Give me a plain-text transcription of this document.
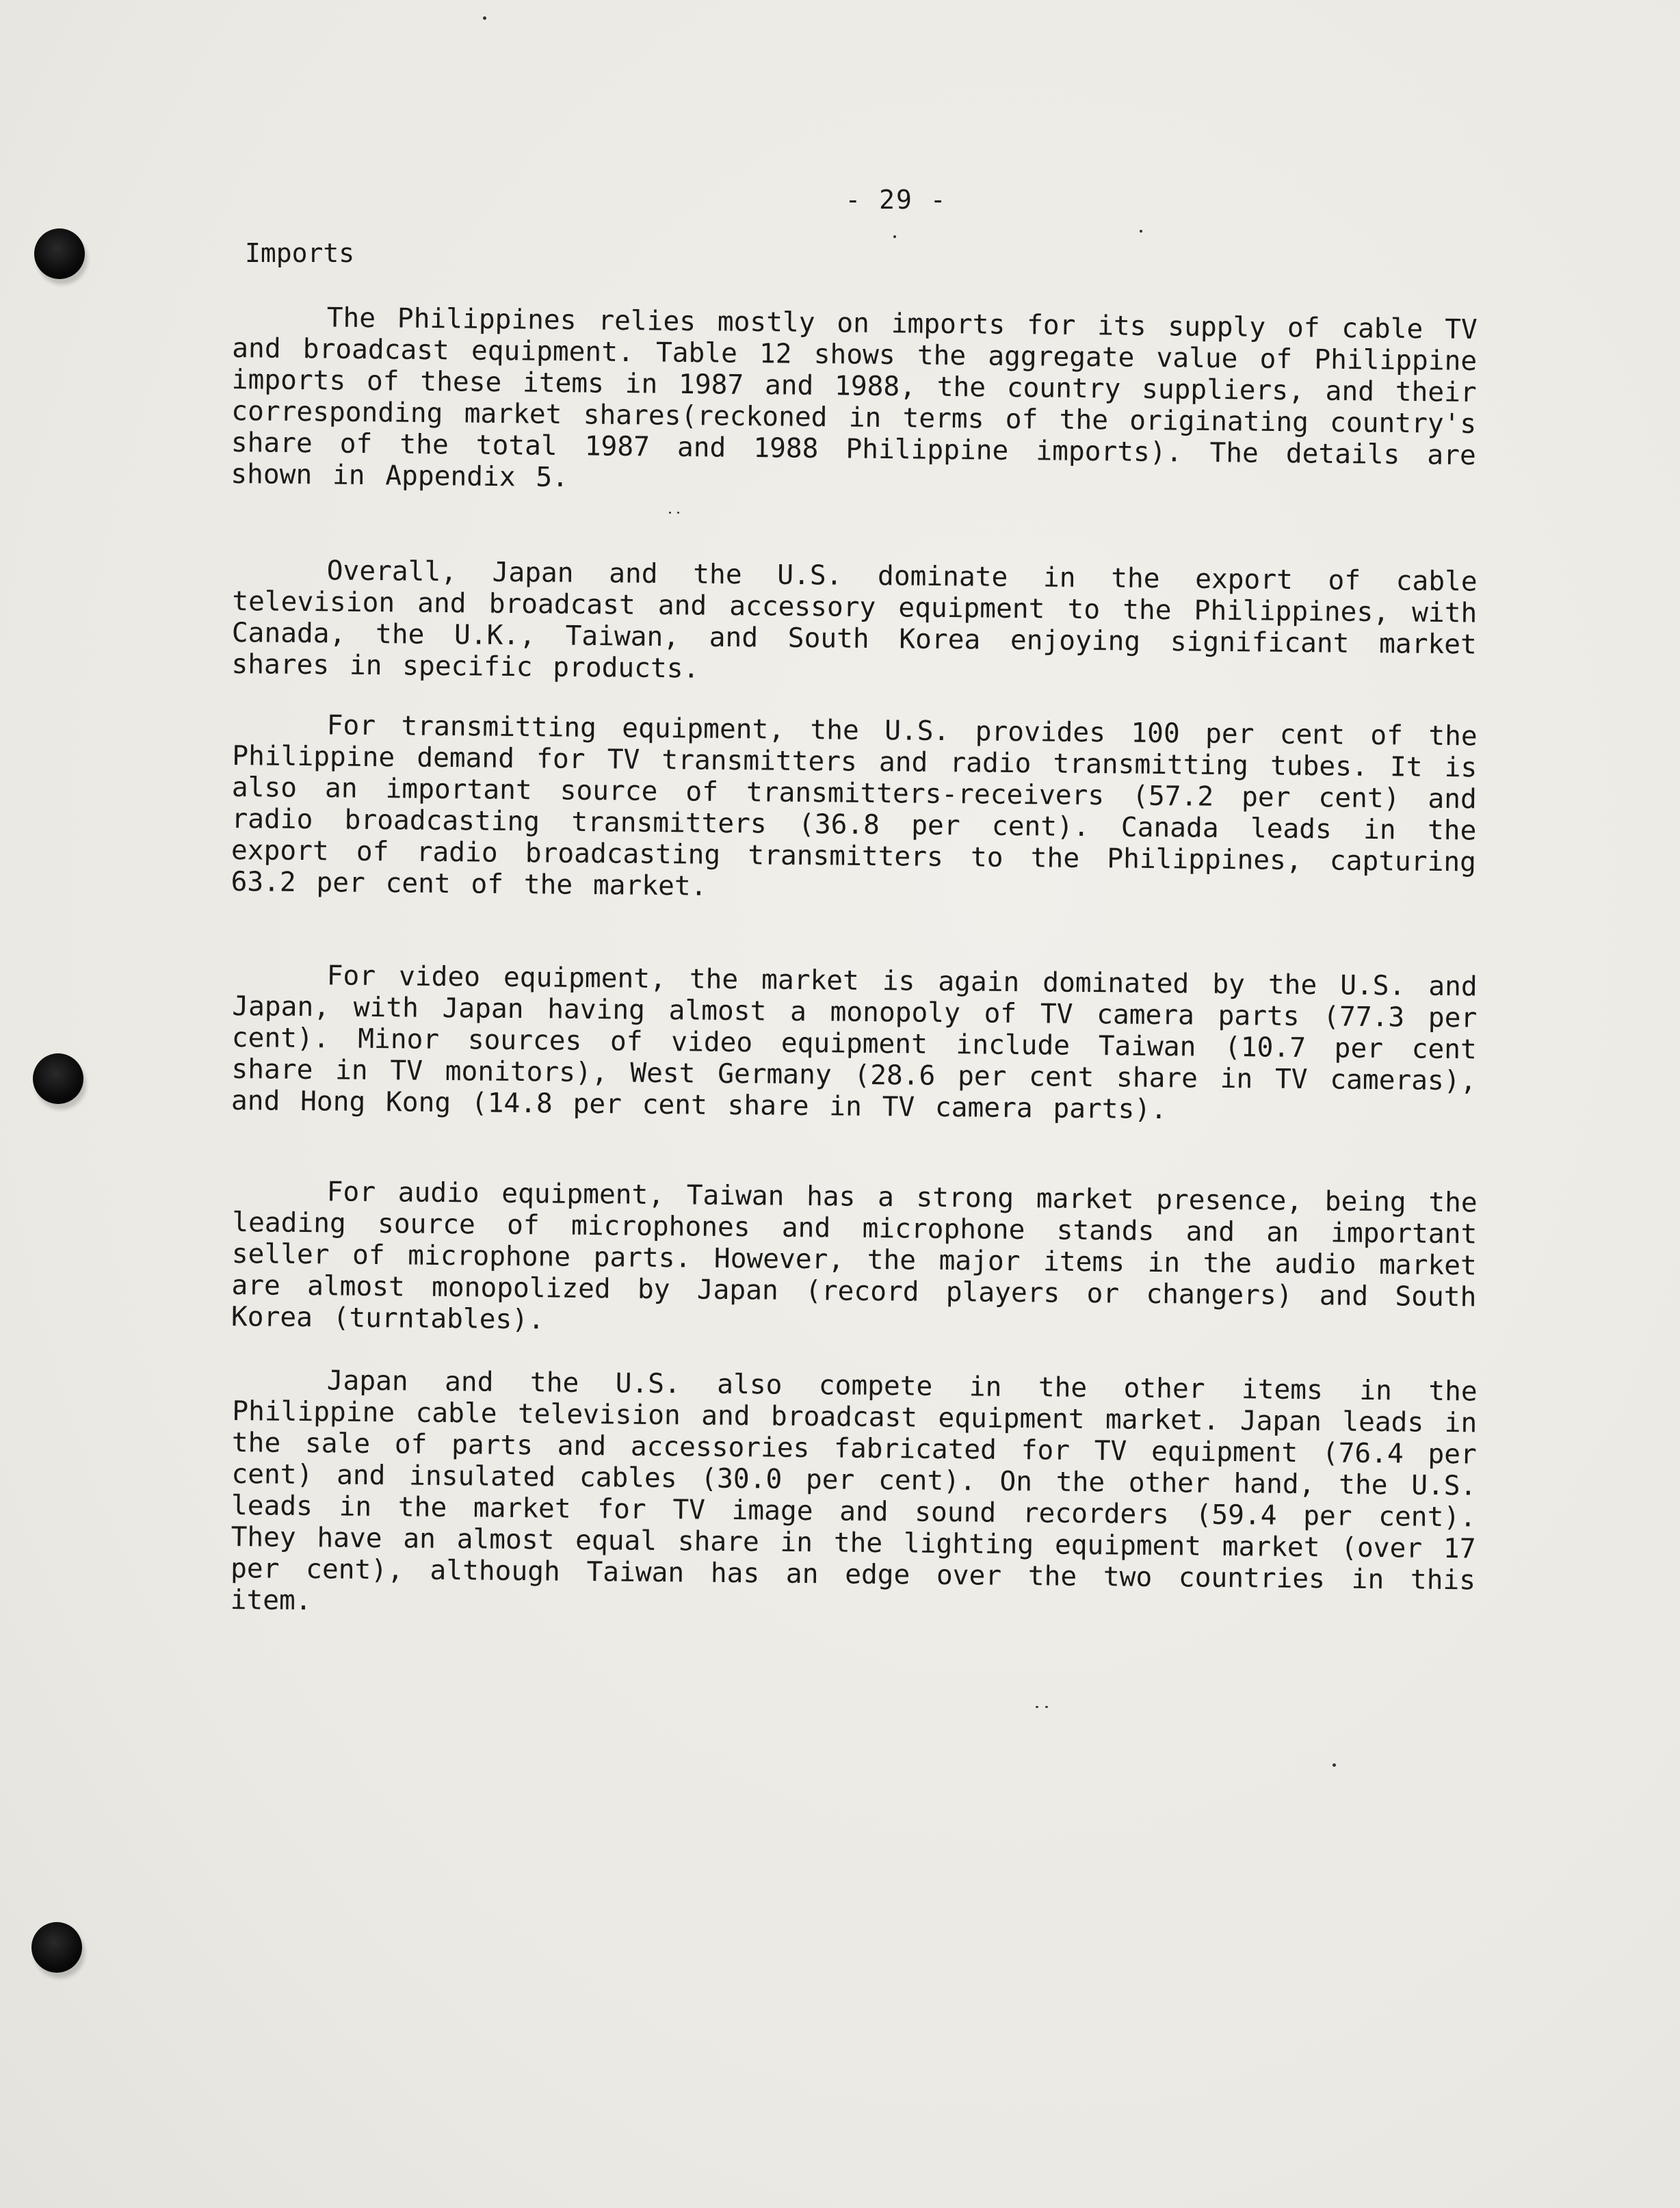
- 29 -
Imports

The Philippines relies mostly on imports for its supply of cable TV and broadcast equipment. Table 12 shows the aggregate value of Philippine imports of these items in 1987 and 1988, the country suppliers, and their corresponding market shares(reckoned in terms of the originating country's share of the total 1987 and 1988 Philippine imports). The details are shown in Appendix 5.

Overall, Japan and the U.S. dominate in the export of cable television and broadcast and accessory equipment to the Philippines, with Canada, the U.K., Taiwan, and South Korea enjoying significant market shares in specific products.

For transmitting equipment, the U.S. provides 100 per cent of the Philippine demand for TV transmitters and radio transmitting tubes. It is also an important source of transmitters-receivers (57.2 per cent) and radio broadcasting transmitters (36.8 per cent). Canada leads in the export of radio broadcasting transmitters to the Philippines, capturing 63.2 per cent of the market.

For video equipment, the market is again dominated by the U.S. and Japan, with Japan having almost a monopoly of TV camera parts (77.3 per cent). Minor sources of video equipment include Taiwan (10.7 per cent share in TV monitors), West Germany (28.6 per cent share in TV cameras), and Hong Kong (14.8 per cent share in TV camera parts).

For audio equipment, Taiwan has a strong market presence, being the leading source of microphones and microphone stands and an important seller of microphone parts. However, the major items in the audio market are almost monopolized by Japan (record players or changers) and South Korea (turntables).

Japan and the U.S. also compete in the other items in the Philippine cable television and broadcast equipment market. Japan leads in the sale of parts and accessories fabricated for TV equipment (76.4 per cent) and insulated cables (30.0 per cent). On the other hand, the U.S. leads in the market for TV image and sound recorders (59.4 per cent). They have an almost equal share in the lighting equipment market (over 17 per cent), although Taiwan has an edge over the two countries in this item.
